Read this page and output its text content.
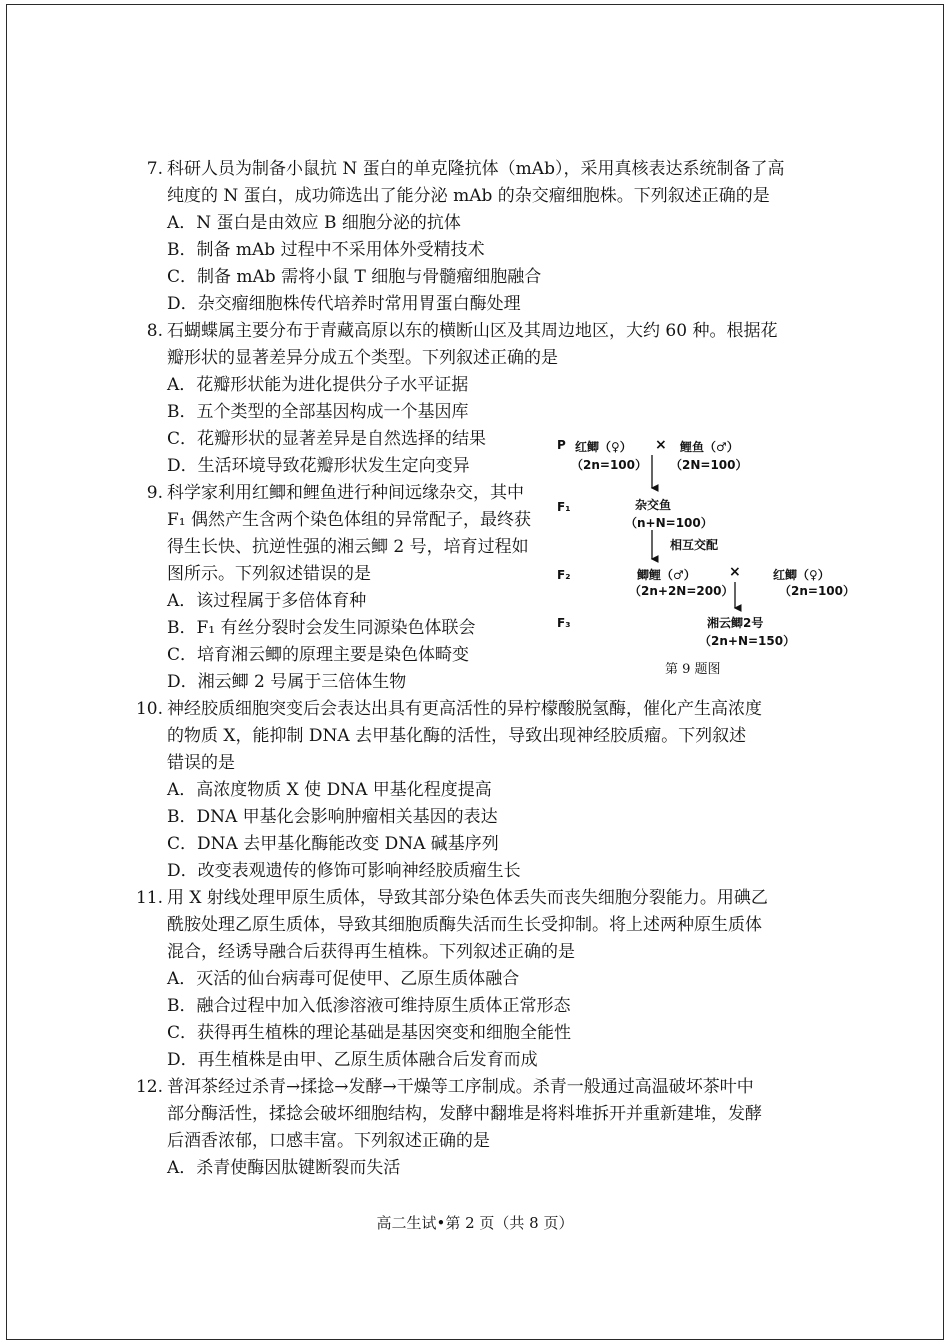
7. 科研人员为制备小鼠抗 N 蛋白的单克隆抗体（mAb），采用真核表达系统制备了高
纯度的 N 蛋白，成功筛选出了能分泌 mAb 的杂交瘤细胞株。下列叙述正确的是
A．N 蛋白是由效应 B 细胞分泌的抗体
B．制备 mAb 过程中不采用体外受精技术
C．制备 mAb 需将小鼠 T 细胞与骨髓瘤细胞融合
D．杂交瘤细胞株传代培养时常用胃蛋白酶处理
8. 石蝴蝶属主要分布于青藏高原以东的横断山区及其周边地区，大约 60 种。根据花
瓣形状的显著差异分成五个类型。下列叙述正确的是
A．花瓣形状能为进化提供分子水平证据
B．五个类型的全部基因构成一个基因库
C．花瓣形状的显著差异是自然选择的结果
D．生活环境导致花瓣形状发生定向变异
9. 科学家利用红鲫和鲤鱼进行种间远缘杂交，其中
F₁ 偶然产生含两个染色体组的异常配子，最终获
得生长快、抗逆性强的湘云鲫 2 号，培育过程如
图所示。下列叙述错误的是
A．该过程属于多倍体育种
B．F₁ 有丝分裂时会发生同源染色体联会
C．培育湘云鲫的原理主要是染色体畸变
D．湘云鲫 2 号属于三倍体生物
10. 神经胶质细胞突变后会表达出具有更高活性的异柠檬酸脱氢酶，催化产生高浓度
的物质 X，能抑制 DNA 去甲基化酶的活性，导致出现神经胶质瘤。下列叙述
错误的是
A．高浓度物质 X 使 DNA 甲基化程度提高
B．DNA 甲基化会影响肿瘤相关基因的表达
C．DNA 去甲基化酶能改变 DNA 碱基序列
D．改变表观遗传的修饰可影响神经胶质瘤生长
11. 用 X 射线处理甲原生质体，导致其部分染色体丢失而丧失细胞分裂能力。用碘乙
酰胺处理乙原生质体，导致其细胞质酶失活而生长受抑制。将上述两种原生质体
混合，经诱导融合后获得再生植株。下列叙述正确的是
A．灭活的仙台病毒可促使甲、乙原生质体融合
B．融合过程中加入低渗溶液可维持原生质体正常形态
C．获得再生植株的理论基础是基因突变和细胞全能性
D．再生植株是由甲、乙原生质体融合后发育而成
12. 普洱茶经过杀青→揉捻→发酵→干燥等工序制成。杀青一般通过高温破坏茶叶中
部分酶活性，揉捻会破坏细胞结构，发酵中翻堆是将料堆拆开并重新建堆，发酵
后酒香浓郁，口感丰富。下列叙述正确的是
A．杀青使酶因肽键断裂而失活
P 红鲫（♀） × 鲤鱼（♂）
（2n=100） （2N=100）
F₁	杂交鱼
（n+N=100）
相互交配
F₂	鲫鲤（♂）
（2n+2N=200）
×	红鲫（♀）
（2n=100）
F₃	湘云鲫2号
（2n+N=150）
第 9 题图
高二生试•第 2 页（共 8 页）
